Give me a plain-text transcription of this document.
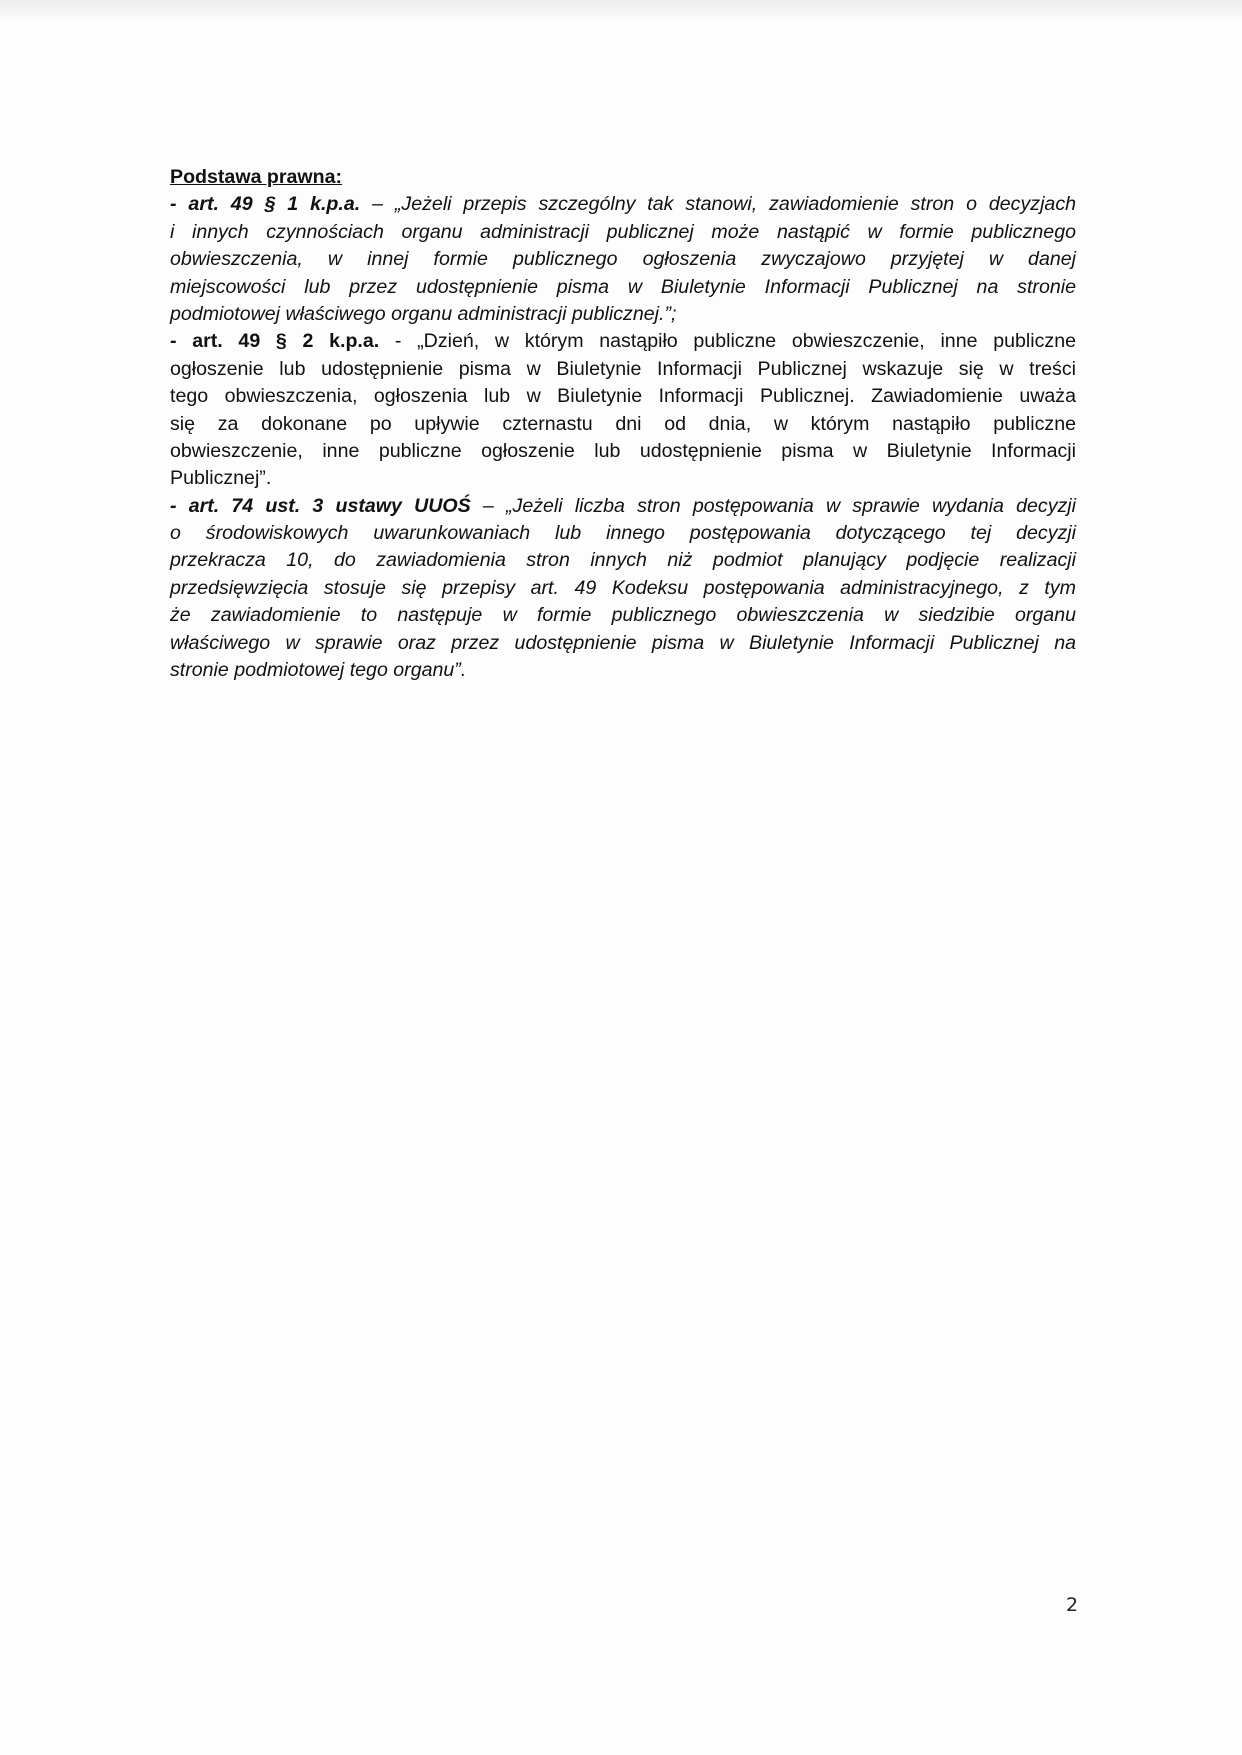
Podstawa prawna:
- art. 49 § 1 k.p.a. – „Jeżeli przepis szczególny tak stanowi, zawiadomienie stron o decyzjach
i innych czynnościach organu administracji publicznej może nastąpić w formie publicznego
obwieszczenia, w innej formie publicznego ogłoszenia zwyczajowo przyjętej w danej
miejscowości lub przez udostępnienie pisma w Biuletynie Informacji Publicznej na stronie
podmiotowej właściwego organu administracji publicznej.”;
- art. 49 § 2 k.p.a. - „Dzień, w którym nastąpiło publiczne obwieszczenie, inne publiczne
ogłoszenie lub udostępnienie pisma w Biuletynie Informacji Publicznej wskazuje się w treści
tego obwieszczenia, ogłoszenia lub w Biuletynie Informacji Publicznej. Zawiadomienie uważa
się za dokonane po upływie czternastu dni od dnia, w którym nastąpiło publiczne
obwieszczenie, inne publiczne ogłoszenie lub udostępnienie pisma w Biuletynie Informacji
Publicznej”.
- art. 74 ust. 3 ustawy UUOŚ – „Jeżeli liczba stron postępowania w sprawie wydania decyzji
o środowiskowych uwarunkowaniach lub innego postępowania dotyczącego tej decyzji
przekracza 10, do zawiadomienia stron innych niż podmiot planujący podjęcie realizacji
przedsięwzięcia stosuje się przepisy art. 49 Kodeksu postępowania administracyjnego, z tym
że zawiadomienie to następuje w formie publicznego obwieszczenia w siedzibie organu
właściwego w sprawie oraz przez udostępnienie pisma w Biuletynie Informacji Publicznej na
stronie podmiotowej tego organu”.
2
